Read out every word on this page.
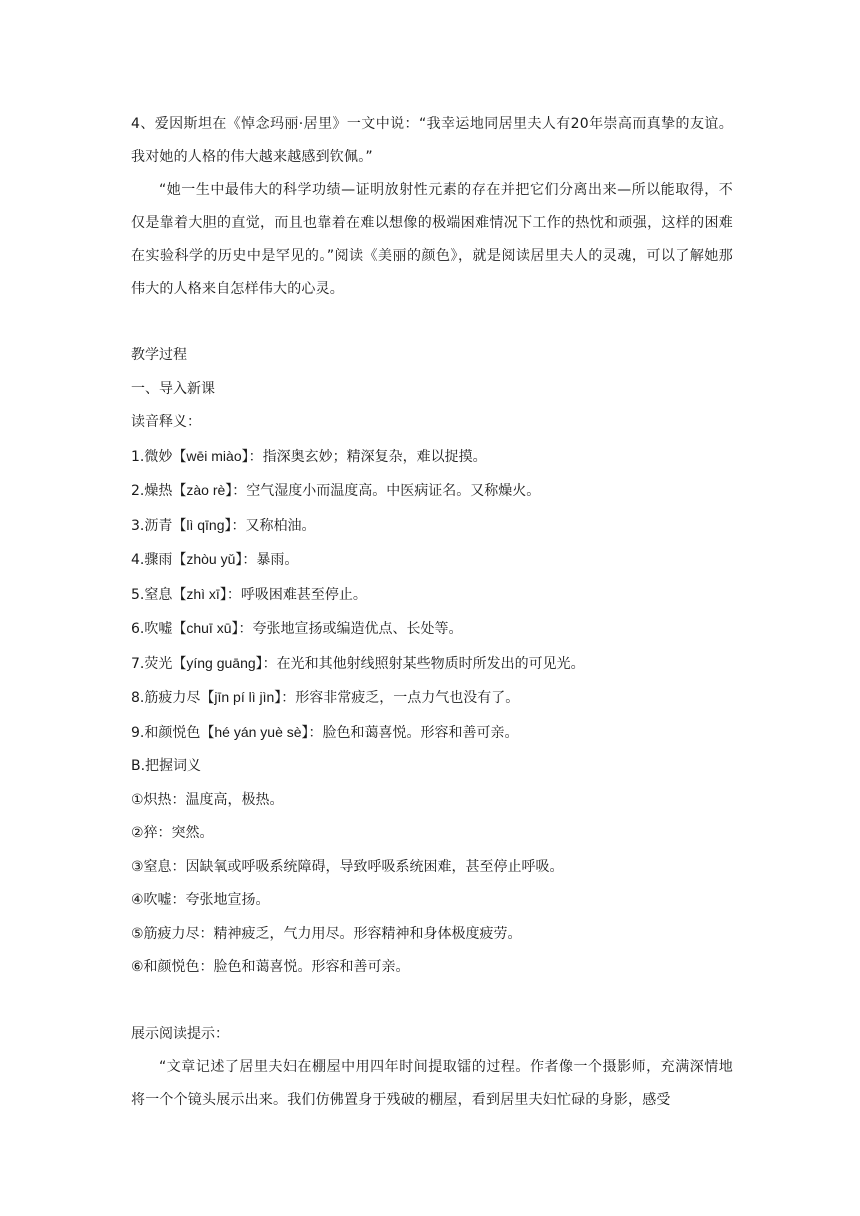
4、爱因斯坦在《悼念玛丽·居里》一文中说：“我幸运地同居里夫人有20年崇高而真挚的友谊。我对她的人格的伟大越来越感到钦佩。”

“她一生中最伟大的科学功绩—证明放射性元素的存在并把它们分离出来—所以能取得，不仅是靠着大胆的直觉，而且也靠着在难以想像的极端困难情况下工作的热忱和顽强，这样的困难在实验科学的历史中是罕见的。”阅读《美丽的颜色》，就是阅读居里夫人的灵魂，可以了解她那伟大的人格来自怎样伟大的心灵。

教学过程

一、导入新课

读音释义：

1.微妙【wēi miào】：指深奥玄妙；精深复杂，难以捉摸。

2.燥热【zào rè】：空气湿度小而温度高。中医病证名。又称燥火。

3.沥青【lì qīng】：又称柏油。

4.骤雨【zhòu yǔ】：暴雨。

5.窒息【zhì xī】：呼吸困难甚至停止。

6.吹嘘【chuī xū】：夸张地宣扬或编造优点、长处等。

7.荧光【yíng guāng】：在光和其他射线照射某些物质时所发出的可见光。

8.筋疲力尽【jīn pí lì jìn】：形容非常疲乏，一点力气也没有了。

9.和颜悦色【hé yán yuè sè】：脸色和蔼喜悦。形容和善可亲。

B.把握词义

①炽热：温度高，极热。

②猝：突然。

③窒息：因缺氧或呼吸系统障碍，导致呼吸系统困难，甚至停止呼吸。

④吹嘘：夸张地宣扬。

⑤筋疲力尽：精神疲乏，气力用尽。形容精神和身体极度疲劳。

⑥和颜悦色：脸色和蔼喜悦。形容和善可亲。

展示阅读提示：

“文章记述了居里夫妇在棚屋中用四年时间提取镭的过程。作者像一个摄影师，充满深情地将一个个镜头展示出来。我们仿佛置身于残破的棚屋，看到居里夫妇忙碌的身影，感受
